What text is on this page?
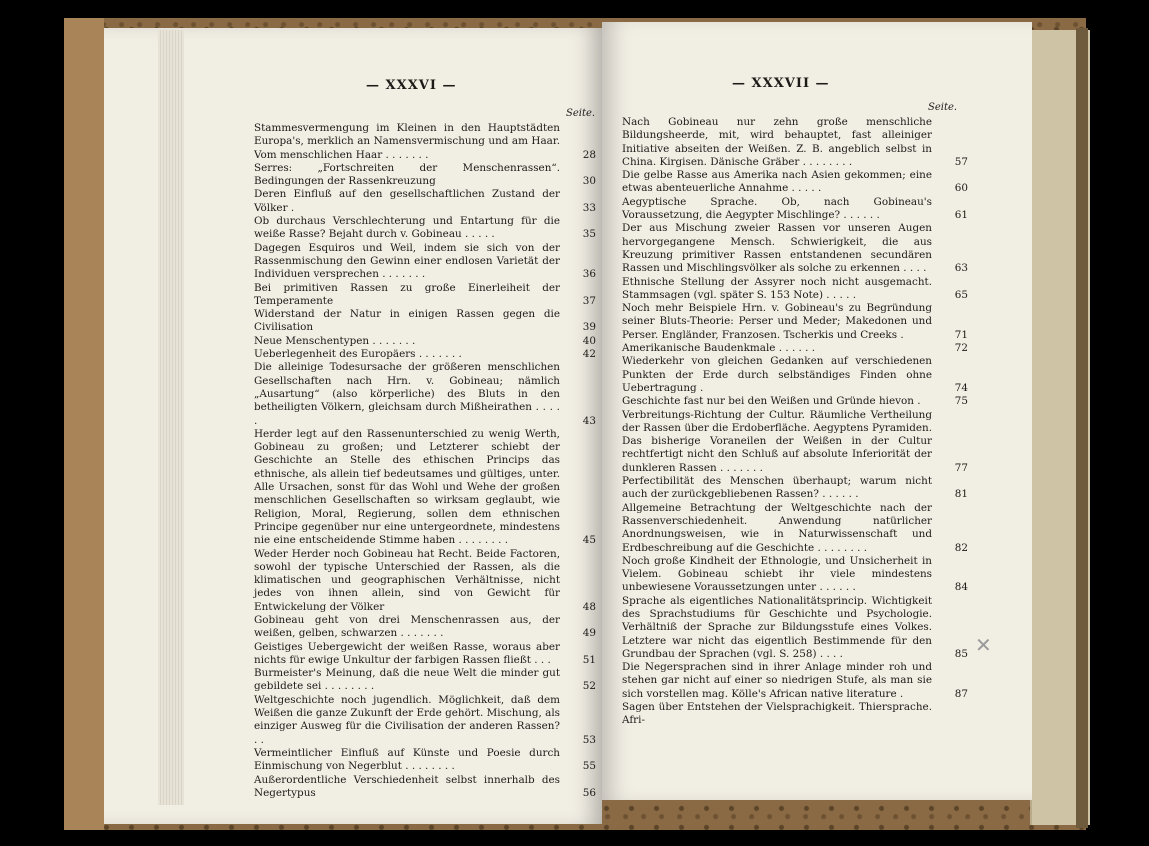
— XXXVI —
Seite.
Stammesvermengung im Kleinen in den Hauptstädten Europa's, merklich an Namensvermischung und am Haar. Vom menschlichen Haar . . . . . . .	28
Serres: „Fortschreiten der Menschenrassen“. Bedingungen der Rassenkreuzung	30
Deren Einfluß auf den gesellschaftlichen Zustand der Völker .	33
Ob durchaus Verschlechterung und Entartung für die weiße Rasse? Bejaht durch v. Gobineau . . . . .	35
Dagegen Esquiros und Weil, indem sie sich von der Rassenmischung den Gewinn einer endlosen Varietät der Individuen versprechen . . . . . . .	36
Bei primitiven Rassen zu große Einerleiheit der Temperamente	37
Widerstand der Natur in einigen Rassen gegen die Civilisation	39
Neue Menschentypen . . . . . . .	40
Ueberlegenheit des Europäers . . . . . . .	42
Die alleinige Todesursache der größeren menschlichen Gesellschaften nach Hrn. v. Gobineau; nämlich „Ausartung“ (also körperliche) des Bluts in den betheiligten Völkern, gleichsam durch Mißheirathen . . . . .	43
Herder legt auf den Rassenunterschied zu wenig Werth, Gobineau zu großen; und Letzterer schiebt der Geschichte an Stelle des ethischen Princips das ethnische, als allein tief bedeutsames und gültiges, unter. Alle Ursachen, sonst für das Wohl und Wehe der großen menschlichen Gesellschaften so wirksam geglaubt, wie Religion, Moral, Regierung, sollen dem ethnischen Principe gegenüber nur eine untergeordnete, mindestens nie eine entscheidende Stimme haben . . . . . . . .	45
Weder Herder noch Gobineau hat Recht. Beide Factoren, sowohl der typische Unterschied der Rassen, als die klimatischen und geographischen Verhältnisse, nicht jedes von ihnen allein, sind von Gewicht für Entwickelung der Völker	48
Gobineau geht von drei Menschenrassen aus, der weißen, gelben, schwarzen . . . . . . .	49
Geistiges Uebergewicht der weißen Rasse, woraus aber nichts für ewige Unkultur der farbigen Rassen fließt . . .	51
Burmeister's Meinung, daß die neue Welt die minder gut gebildete sei . . . . . . . .	52
Weltgeschichte noch jugendlich. Möglichkeit, daß dem Weißen die ganze Zukunft der Erde gehört. Mischung, als einziger Ausweg für die Civilisation der anderen Rassen? . .	53
Vermeintlicher Einfluß auf Künste und Poesie durch Einmischung von Negerblut . . . . . . . .	55
Außerordentliche Verschiedenheit selbst innerhalb des Negertypus	56
— XXXVII —
Seite.
Nach Gobineau nur zehn große menschliche Bildungsheerde, mit, wird behauptet, fast alleiniger Initiative abseiten der Weißen. Z. B. angeblich selbst in China. Kirgisen. Dänische Gräber . . . . . . . .	57
Die gelbe Rasse aus Amerika nach Asien gekommen; eine etwas abenteuerliche Annahme . . . . .	60
Aegyptische Sprache. Ob, nach Gobineau's Voraussetzung, die Aegypter Mischlinge? . . . . . .	61
Der aus Mischung zweier Rassen vor unseren Augen hervorgegangene Mensch. Schwierigkeit, die aus Kreuzung primitiver Rassen entstandenen secundären Rassen und Mischlingsvölker als solche zu erkennen . . . .	63
Ethnische Stellung der Assyrer noch nicht ausgemacht. Stammsagen (vgl. später S. 153 Note) . . . . .	65
Noch mehr Beispiele Hrn. v. Gobineau's zu Begründung seiner Bluts-Theorie: Perser und Meder; Makedonen und Perser. Engländer, Franzosen. Tscherkis und Creeks .	71
Amerikanische Baudenkmale . . . . . .	72
Wiederkehr von gleichen Gedanken auf verschiedenen Punkten der Erde durch selbständiges Finden ohne Uebertragung .	74
Geschichte fast nur bei den Weißen und Gründe hievon .	75
Verbreitungs-Richtung der Cultur. Räumliche Vertheilung der Rassen über die Erdoberfläche. Aegyptens Pyramiden. Das bisherige Voraneilen der Weißen in der Cultur rechtfertigt nicht den Schluß auf absolute Inferiorität der dunkleren Rassen . . . . . . .	77
Perfectibilität des Menschen überhaupt; warum nicht auch der zurückgebliebenen Rassen? . . . . . .	81
Allgemeine Betrachtung der Weltgeschichte nach der Rassenverschiedenheit. Anwendung natürlicher Anordnungsweisen, wie in Naturwissenschaft und Erdbeschreibung auf die Geschichte . . . . . . . .	82
Noch große Kindheit der Ethnologie, und Unsicherheit in Vielem. Gobineau schiebt ihr viele mindestens unbewiesene Voraussetzungen unter . . . . . .	84
Sprache als eigentliches Nationalitätsprincip. Wichtigkeit des Sprachstudiums für Geschichte und Psychologie. Verhältniß der Sprache zur Bildungsstufe eines Volkes. Letztere war nicht das eigentlich Bestimmende für den Grundbau der Sprachen (vgl. S. 258) . . . .	85
Die Negersprachen sind in ihrer Anlage minder roh und stehen gar nicht auf einer so niedrigen Stufe, als man sie sich vorstellen mag. Kölle's African native literature .	87
Sagen über Entstehen der Vielsprachigkeit. Thiersprache. Afri-
✕
